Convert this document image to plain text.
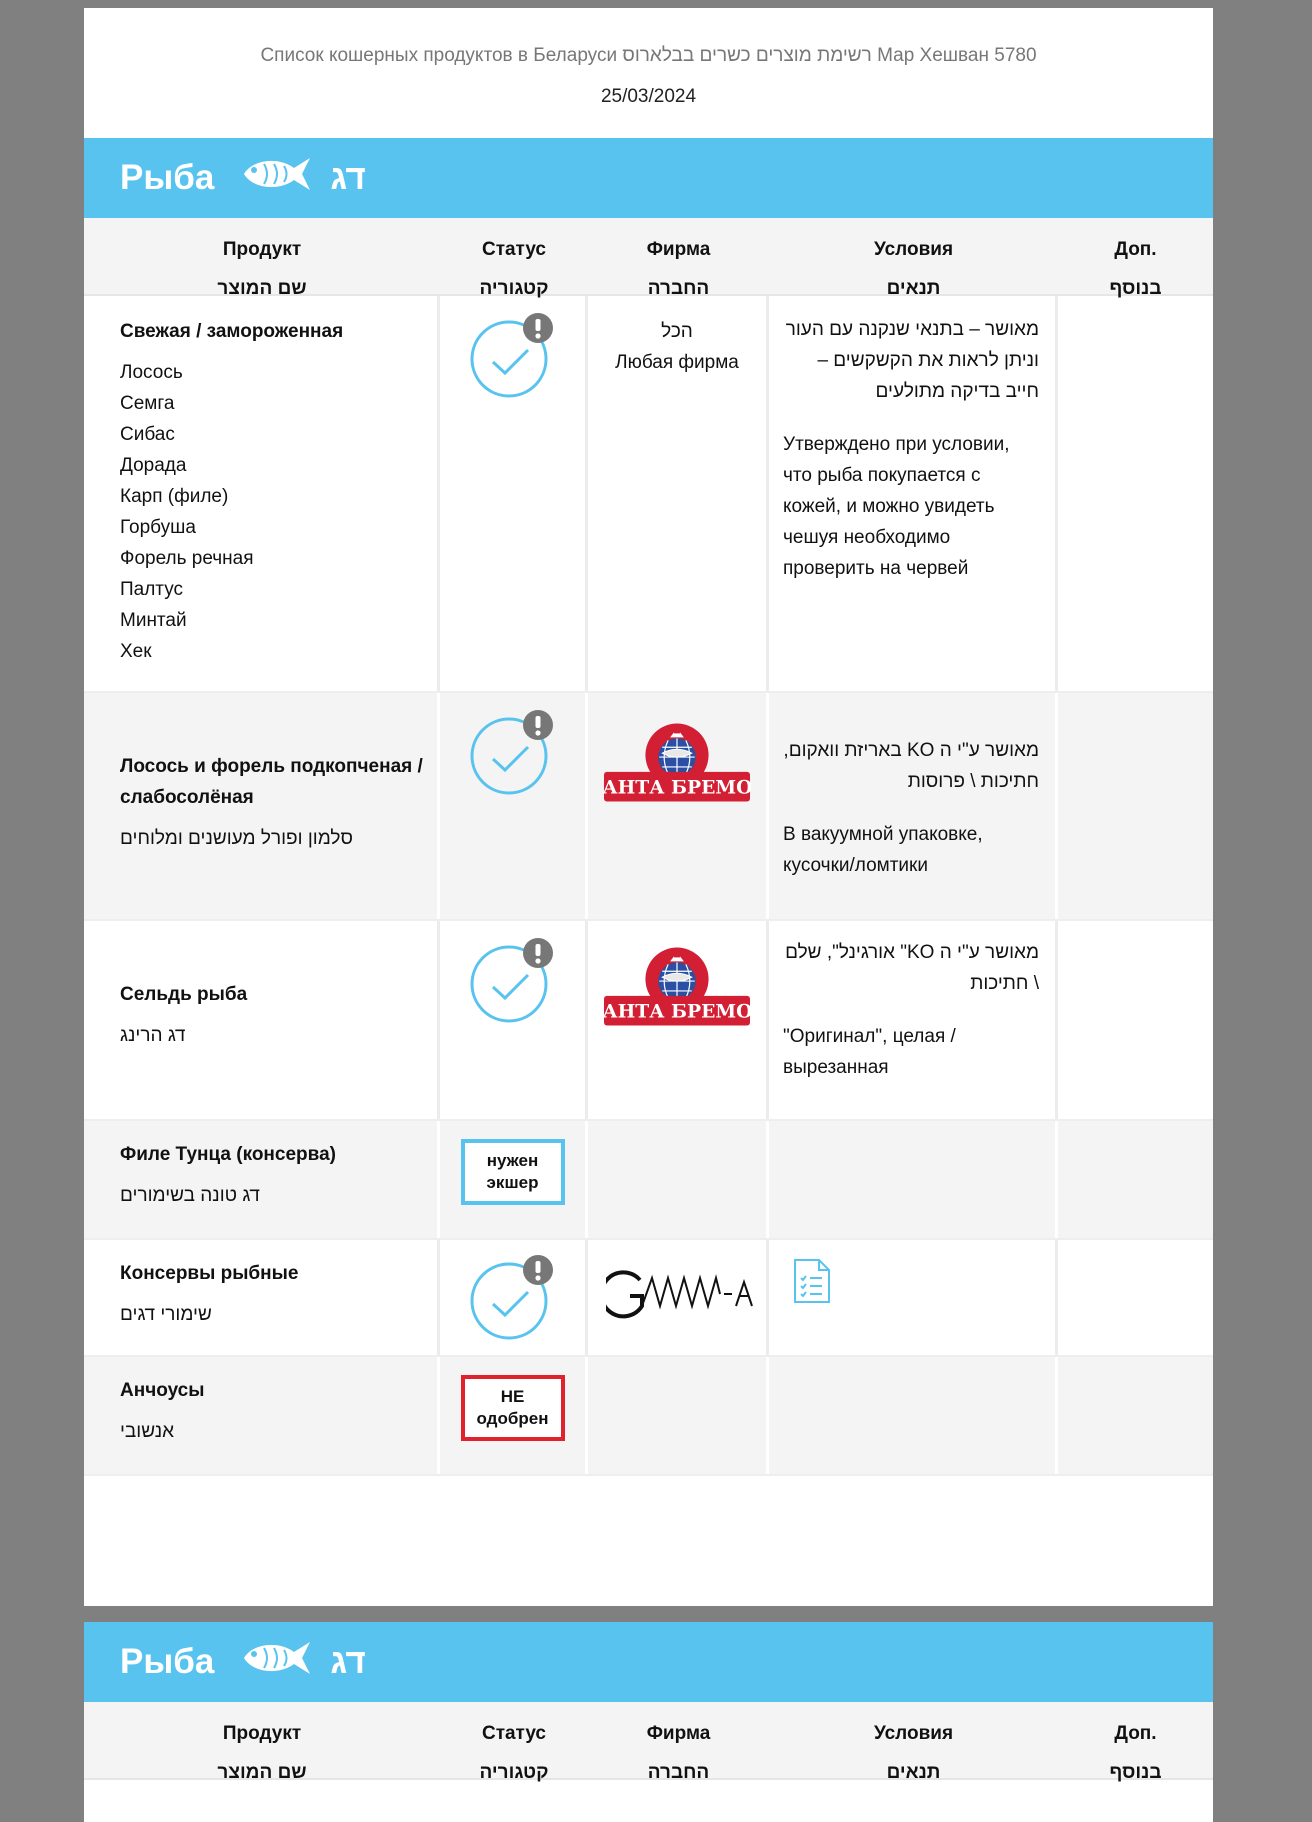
Список кошерных продуктов в Беларуси רשימת מוצרים כשרים בבלארוס Мар Хешван 5780
25/03/2024
Рыба	דג
Продукт
שם המוצר
Статус
קטגוריה
Фирма
החברה
Условия
תנאים
Доп.
בנוסף
Свежая / замороженная
Лосось
Семга
Сибас
Дорада
Карп (филе)
Горбуша
Форель речная
Палтус
Минтай
Хек
הכל
Любая фирма
מאושר – בתנאי שנקנה עם העור וניתן לראות את הקשקשים – חייב בדיקה מתולעים
Утверждено при условии, что рыба покупается с кожей, и можно увидеть чешуя необходимо проверить на червей
Лосось и форель подкопченая / слабосолёная
סלמון ופורל מעושנים ומלוחים
מאושר ע"י ה KO באריזת וואקום, חתיכות \ פרוסות
В вакуумной упаковке, кусочки/ломтики
Сельдь рыба
דג הרינג
מאושר ע"י ה KO" אורגינל", שלם \ חתיכות
"Оригинал", целая / вырезанная
Филе Тунца (консерва)
דג טונה בשימורים
нужен экшер
Консервы рыбные
שימורי דגים
Анчоусы
אנשובי
НЕ одобрен
Рыба	דג
Продукт
שם המוצר
Статус
קטגוריה
Фирма
החברה
Условия
תנאים
Доп.
בנוסף
